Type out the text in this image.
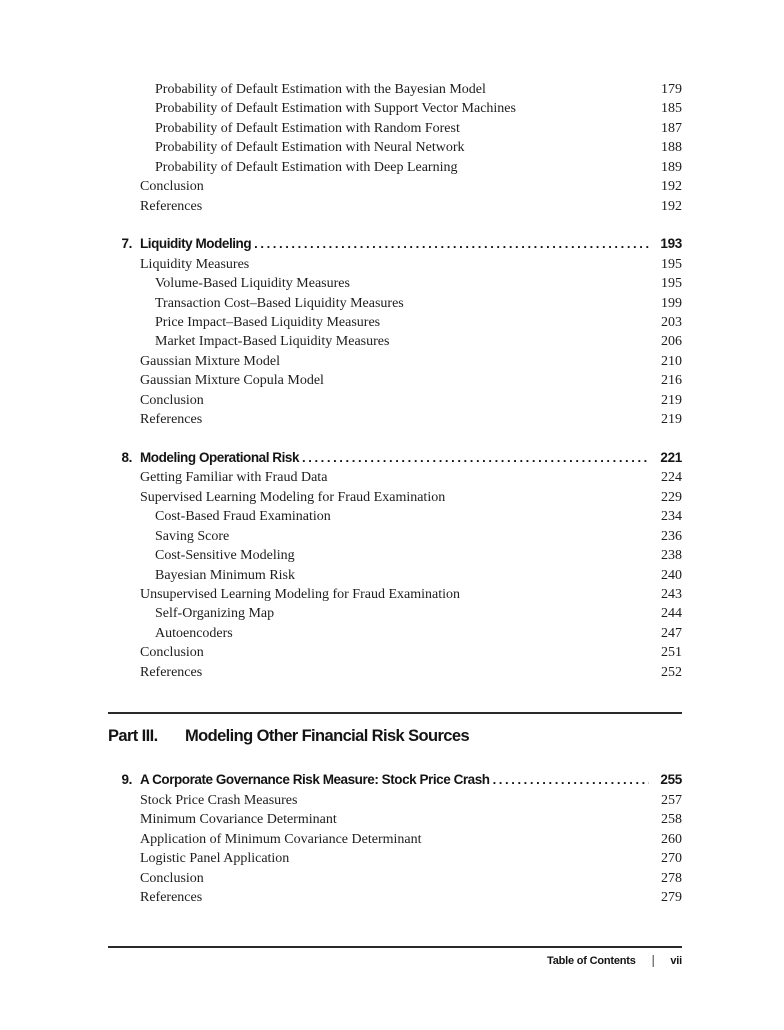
Probability of Default Estimation with the Bayesian Model	179
Probability of Default Estimation with Support Vector Machines	185
Probability of Default Estimation with Random Forest	187
Probability of Default Estimation with Neural Network	188
Probability of Default Estimation with Deep Learning	189
Conclusion	192
References	192
7. Liquidity Modeling .....	193
Liquidity Measures	195
Volume-Based Liquidity Measures	195
Transaction Cost–Based Liquidity Measures	199
Price Impact–Based Liquidity Measures	203
Market Impact-Based Liquidity Measures	206
Gaussian Mixture Model	210
Gaussian Mixture Copula Model	216
Conclusion	219
References	219
8. Modeling Operational Risk .....	221
Getting Familiar with Fraud Data	224
Supervised Learning Modeling for Fraud Examination	229
Cost-Based Fraud Examination	234
Saving Score	236
Cost-Sensitive Modeling	238
Bayesian Minimum Risk	240
Unsupervised Learning Modeling for Fraud Examination	243
Self-Organizing Map	244
Autoencoders	247
Conclusion	251
References	252
Part III.	Modeling Other Financial Risk Sources
9. A Corporate Governance Risk Measure: Stock Price Crash .....	255
Stock Price Crash Measures	257
Minimum Covariance Determinant	258
Application of Minimum Covariance Determinant	260
Logistic Panel Application	270
Conclusion	278
References	279
Table of Contents | vii
